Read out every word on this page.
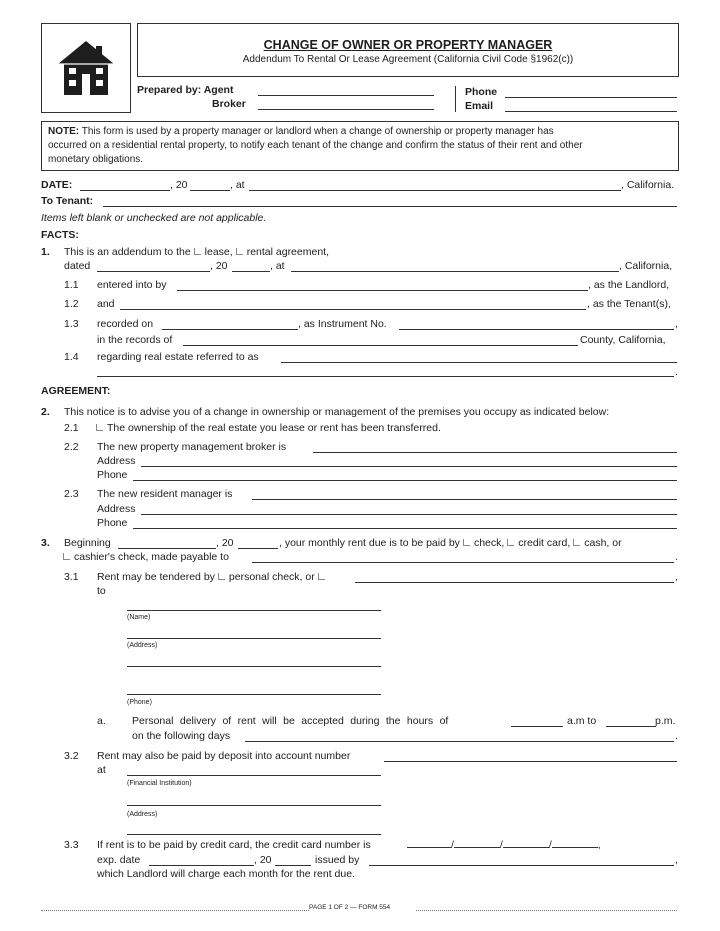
CHANGE OF OWNER OR PROPERTY MANAGER
Addendum To Rental Or Lease Agreement (California Civil Code §1962(c))
Prepared by: Agent
Broker
Phone
Email
NOTE: This form is used by a property manager or landlord when a change of ownership or property manager has
occurred on a residential rental property, to notify each tenant of the change and confirm the status of their rent and other
monetary obligations.
DATE:	, 20	, at	, California.
To Tenant:
Items left blank or unchecked are not applicable.
FACTS:
1. This is an addendum to the lease, rental agreement,
dated	, 20	, at	, California,
1.1 entered into by	, as the Landlord,
1.2 and	, as the Tenant(s),
1.3 recorded on	, as Instrument No.	,
in the records of	County, California,
1.4 regarding real estate referred to as
.
AGREEMENT:
2. This notice is to advise you of a change in ownership or management of the premises you occupy as indicated below:
2.1	The ownership of the real estate you lease or rent has been transferred.
2.2 The new property management broker is
Address
Phone
2.3 The new resident manager is
Address
Phone
3. Beginning	, 20	, your monthly rent due is to be paid by check, credit card, cash, or
cashier's check, made payable to	.
3.1 Rent may be tendered by personal check, or	,
to
(Name)
(Address)
(Phone)
a. Personal delivery of rent will be accepted during the hours of	a.m to	p.m.
on the following days	.
3.2 Rent may also be paid by deposit into account number
at
(Financial Institution)
(Address)
3.3 If rent is to be paid by credit card, the credit card number is	/	/	/	,
exp. date	, 20	issued by	,
which Landlord will charge each month for the rent due.
PAGE 1 OF 2 — FORM 554
